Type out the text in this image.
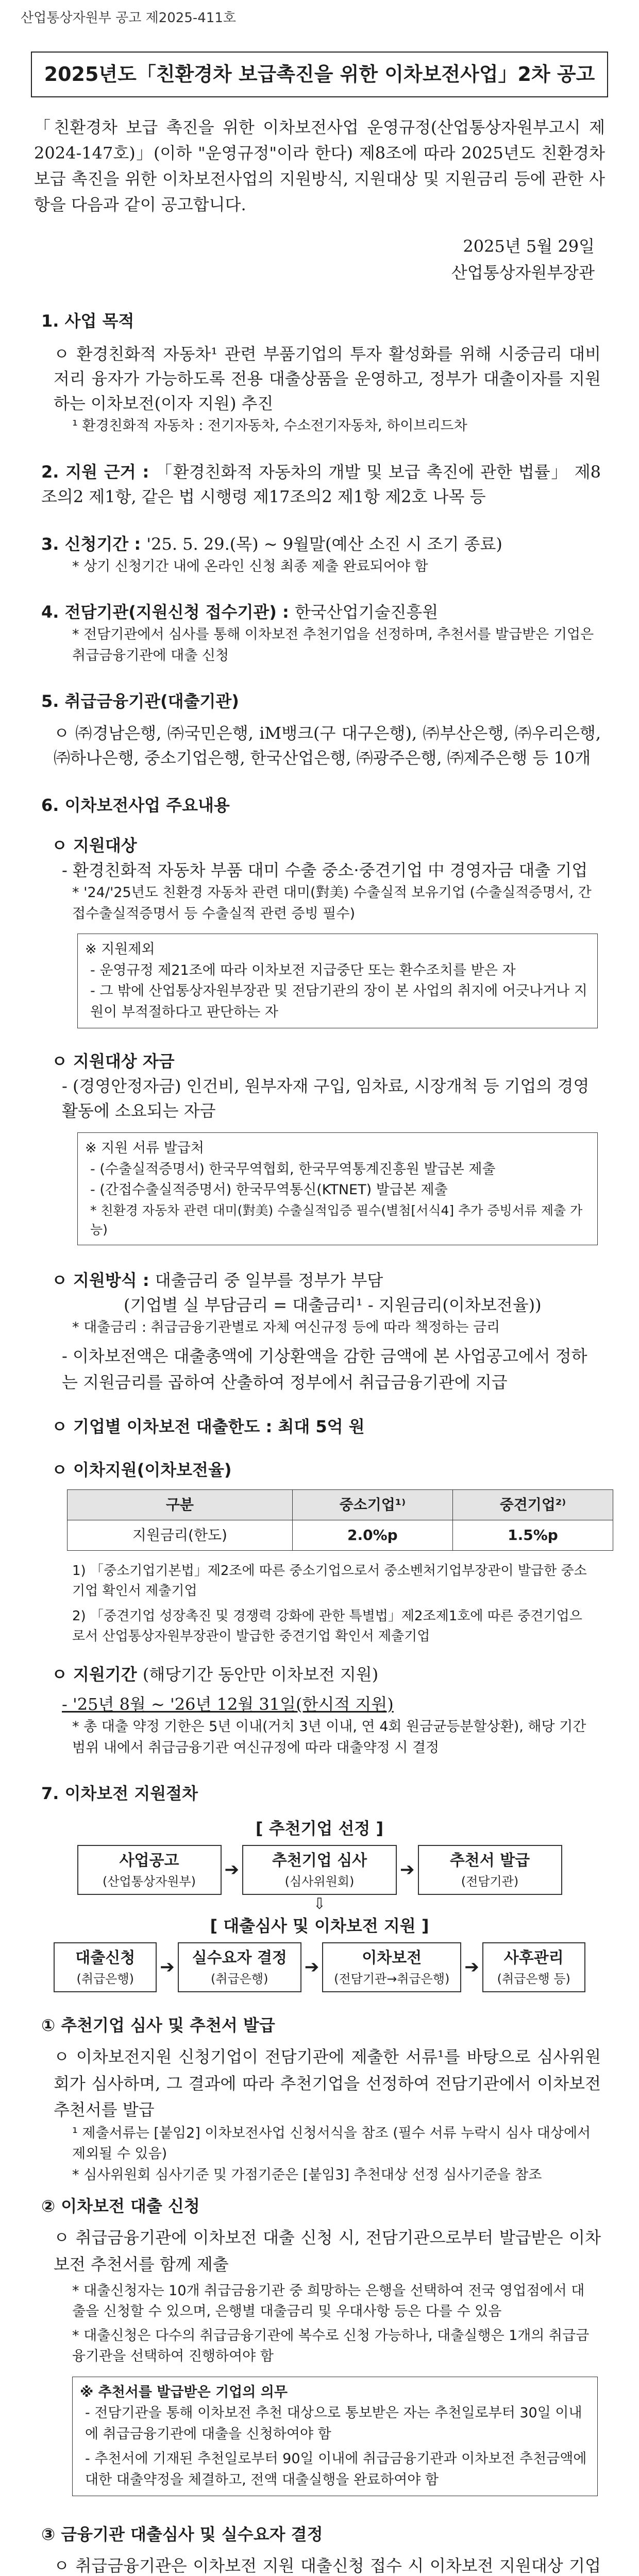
산업통상자원부 공고 제2025-411호
2025년도「친환경차 보급촉진을 위한 이차보전사업」2차 공고
「친환경차 보급 촉진을 위한 이차보전사업 운영규정(산업통상자원부고시 제2024-147호)」(이하 "운영규정"이라 한다) 제8조에 따라 2025년도 친환경차 보급 촉진을 위한 이차보전사업의 지원방식, 지원대상 및 지원금리 등에 관한 사항을 다음과 같이 공고합니다.
2025년 5월 29일
산업통상자원부장관
1. 사업 목적
ㅇ 환경친화적 자동차¹ 관련 부품기업의 투자 활성화를 위해 시중금리 대비 저리 융자가 가능하도록 전용 대출상품을 운영하고, 정부가 대출이자를 지원하는 이차보전(이자 지원) 추진
¹ 환경친화적 자동차 : 전기자동차, 수소전기자동차, 하이브리드차
2. 지원 근거 : 「환경친화적 자동차의 개발 및 보급 촉진에 관한 법률」 제8조의2 제1항, 같은 법 시행령 제17조의2 제1항 제2호 나목 등
3. 신청기간 : '25. 5. 29.(목) ~ 9월말(예산 소진 시 조기 종료)
* 상기 신청기간 내에 온라인 신청 최종 제출 완료되어야 함
4. 전담기관(지원신청 접수기관) : 한국산업기술진흥원
* 전담기관에서 심사를 통해 이차보전 추천기업을 선정하며, 추천서를 발급받은 기업은 취급금융기관에 대출 신청
5. 취급금융기관(대출기관)
ㅇ ㈜경남은행, ㈜국민은행, iM뱅크(구 대구은행), ㈜부산은행, ㈜우리은행, ㈜하나은행, 중소기업은행, 한국산업은행, ㈜광주은행, ㈜제주은행 등 10개
6. 이차보전사업 주요내용
ㅇ 지원대상
- 환경친화적 자동차 부품 대미 수출 중소·중견기업 中 경영자금 대출 기업
* '24/'25년도 친환경 자동차 관련 대미(對美) 수출실적 보유기업 (수출실적증명서, 간접수출실적증명서 등 수출실적 관련 증빙 필수)
※ 지원제외
- 운영규정 제21조에 따라 이차보전 지급중단 또는 환수조치를 받은 자
- 그 밖에 산업통상자원부장관 및 전담기관의 장이 본 사업의 취지에 어긋나거나 지원이 부적절하다고 판단하는 자
ㅇ 지원대상 자금
- (경영안정자금) 인건비, 원부자재 구입, 임차료, 시장개척 등 기업의 경영활동에 소요되는 자금
※ 지원 서류 발급처
- (수출실적증명서) 한국무역협회, 한국무역통계진흥원 발급본 제출
- (간접수출실적증명서) 한국무역통신(KTNET) 발급본 제출
* 친환경 자동차 관련 대미(對美) 수출실적입증 필수(별첨[서식4] 추가 증빙서류 제출 가능)
ㅇ 지원방식 : 대출금리 중 일부를 정부가 부담
(기업별 실 부담금리 = 대출금리¹ - 지원금리(이차보전율))
* 대출금리 : 취급금융기관별로 자체 여신규정 등에 따라 책정하는 금리
- 이차보전액은 대출총액에 기상환액을 감한 금액에 본 사업공고에서 정하는 지원금리를 곱하여 산출하여 정부에서 취급금융기관에 지급
ㅇ 기업별 이차보전 대출한도 : 최대 5억 원
ㅇ 이차지원(이차보전율)
구분	중소기업¹⁾	중견기업²⁾
지원금리(한도)	2.0%p	1.5%p
1) 「중소기업기본법」제2조에 따른 중소기업으로서 중소벤처기업부장관이 발급한 중소기업 확인서 제출기업
2) 「중견기업 성장촉진 및 경쟁력 강화에 관한 특별법」제2조제1호에 따른 중견기업으로서 산업통상자원부장관이 발급한 중견기업 확인서 제출기업
ㅇ 지원기간 (해당기간 동안만 이차보전 지원)
- '25년 8월 ~ '26년 12월 31일(한시적 지원)
* 총 대출 약정 기한은 5년 이내(거치 3년 이내, 연 4회 원금균등분할상환), 해당 기간범위 내에서 취급금융기관 여신규정에 따라 대출약정 시 결정
7. 이차보전 지원절차
[ 추천기업 선정 ]
사업공고
(산업통상자원부)
➔	추천기업 심사
(심사위원회)
➔	추천서 발급
(전담기관)
⇩
[ 대출심사 및 이차보전 지원 ]
대출신청
(취급은행)
➔	실수요자 결정
(취급은행)
➔	이차보전
(전담기관→취급은행)
➔	사후관리
(취급은행 등)
① 추천기업 심사 및 추천서 발급
ㅇ 이차보전지원 신청기업이 전담기관에 제출한 서류¹를 바탕으로 심사위원회가 심사하며, 그 결과에 따라 추천기업을 선정하여 전담기관에서 이차보전 추천서를 발급
¹ 제출서류는 [붙임2] 이차보전사업 신청서식을 참조 (필수 서류 누락시 심사 대상에서 제외될 수 있음)
* 심사위원회 심사기준 및 가점기준은 [붙임3] 추천대상 선정 심사기준을 참조
② 이차보전 대출 신청
ㅇ 취급금융기관에 이차보전 대출 신청 시, 전담기관으로부터 발급받은 이차보전 추천서를 함께 제출
* 대출신청자는 10개 취급금융기관 중 희망하는 은행을 선택하여 전국 영업점에서 대출을 신청할 수 있으며, 은행별 대출금리 및 우대사항 등은 다를 수 있음
* 대출신청은 다수의 취급금융기관에 복수로 신청 가능하나, 대출실행은 1개의 취급금융기관을 선택하여 진행하여야 함
※ 추천서를 발급받은 기업의 의무
- 전담기관을 통해 이차보전 추천 대상으로 통보받은 자는 추천일로부터 30일 이내에 취급금융기관에 대출을 신청하여야 함
- 추천서에 기재된 추천일로부터 90일 이내에 취급금융기관과 이차보전 추천금액에 대한 대출약정을 체결하고, 전액 대출실행을 완료하여야 함
③ 금융기관 대출심사 및 실수요자 결정
ㅇ 취급금융기관은 이차보전 지원 대출신청 접수 시 이차보전 지원대상 기업
